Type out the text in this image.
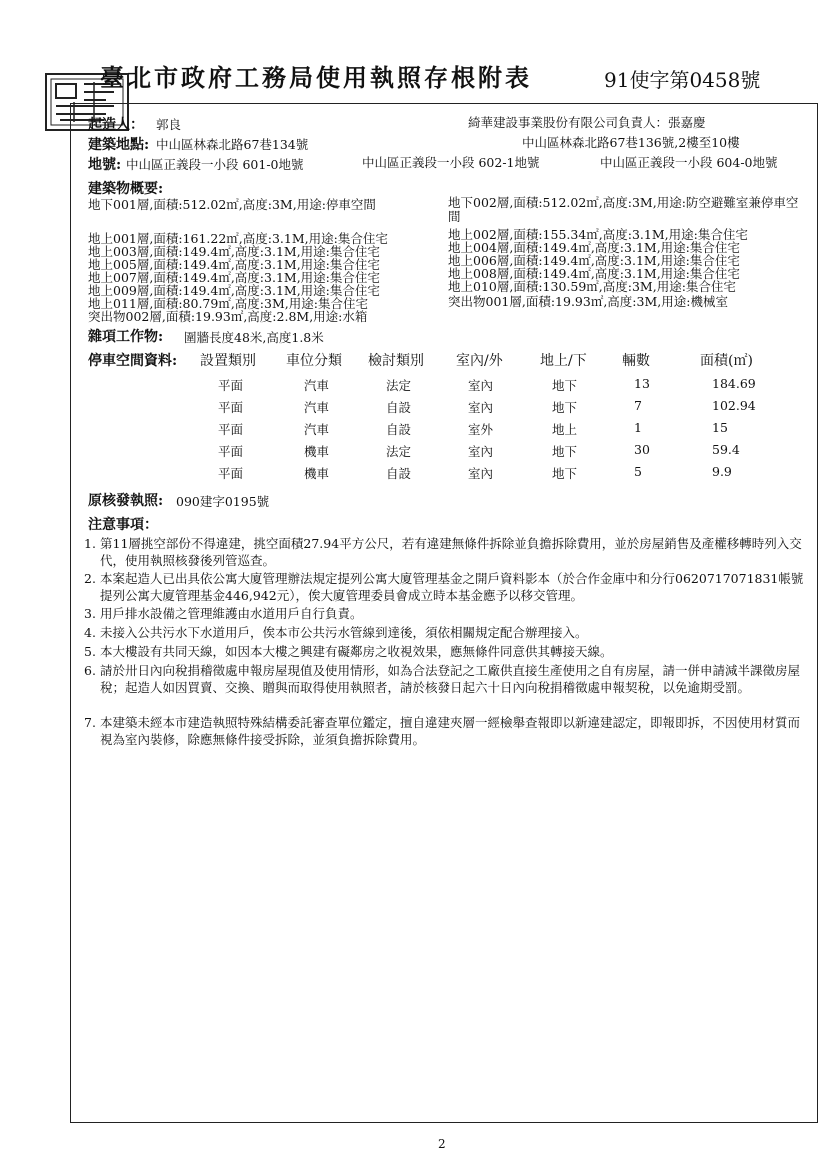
臺北市政府工務局使用執照存根附表	91使字第0458號
起造人： 郭良	綺華建設事業股份有限公司負責人：張嘉慶
建築地點: 中山區林森北路67巷134號	中山區林森北路67巷136號,2樓至10樓
地號: 中山區正義段一小段 601-0地號	中山區正義段一小段 602-1地號	中山區正義段一小段 604-0地號
建築物概要:
地下001層,面積:512.02㎡,高度:3M,用途:停車空間
地上001層,面積:161.22㎡,高度:3.1M,用途:集合住宅
地上003層,面積:149.4㎡,高度:3.1M,用途:集合住宅
地上005層,面積:149.4㎡,高度:3.1M,用途:集合住宅
地上007層,面積:149.4㎡,高度:3.1M,用途:集合住宅
地上009層,面積:149.4㎡,高度:3.1M,用途:集合住宅
地上011層,面積:80.79㎡,高度:3M,用途:集合住宅
突出物002層,面積:19.93㎡,高度:2.8M,用途:水箱
地下002層,面積:512.02㎡,高度:3M,用途:防空避難室兼停車空間
地上002層,面積:155.34㎡,高度:3.1M,用途:集合住宅
地上004層,面積:149.4㎡,高度:3.1M,用途:集合住宅
地上006層,面積:149.4㎡,高度:3.1M,用途:集合住宅
地上008層,面積:149.4㎡,高度:3.1M,用途:集合住宅
地上010層,面積:130.59㎡,高度:3M,用途:集合住宅
突出物001層,面積:19.93㎡,高度:3M,用途:機械室
雜項工作物: 圍牆長度48米,高度1.8米
停車空間資料: 設置類別 車位分類 檢討類別 室內/外	地上/下	輛數	面積(㎡)
平面	汽車	法定	室內	地下	13	184.69
平面	汽車	自設	室內	地下	7	102.94
平面	汽車	自設	室外	地上	1	15
平面	機車	法定	室內	地下	30	59.4
平面	機車	自設	室內	地下	5	9.9
原核發執照: 090建字0195號
注意事項：
1. 第11層挑空部份不得違建，挑空面積27.94平方公尺，若有違建無條件拆除並負擔拆除費用，並於房屋銷售及產權移轉時列入交代，使用執照核發後列管巡查。
2. 本案起造人已出具依公寓大廈管理辦法規定提列公寓大廈管理基金之開戶資料影本（於合作金庫中和分行0620717071831帳號提列公寓大廈管理基金446,942元），俟大廈管理委員會成立時本基金應予以移交管理。
3. 用戶排水設備之管理維護由水道用戶自行負責。
4. 未接入公共污水下水道用戶，俟本市公共污水管線到達後，須依相關規定配合辦理接入。
5. 本大樓設有共同天線，如因本大樓之興建有礙鄰房之收視效果，應無條件同意供其轉接天線。
6. 請於卅日內向稅捐稽徵處申報房屋現值及使用情形，如為合法登記之工廠供直接生產使用之自有房屋，請一併申請減半課徵房屋稅；起造人如因買賣、交換、贈與而取得使用執照者，請於核發日起六十日內向稅捐稽徵處申報契稅，以免逾期受罰。
7. 本建築未經本市建造執照特殊結構委託審查單位鑑定，擅自違建夾層一經檢舉查報即以新違建認定，即報即拆，不因使用材質而視為室內裝修，除應無條件接受拆除，並須負擔拆除費用。
2
